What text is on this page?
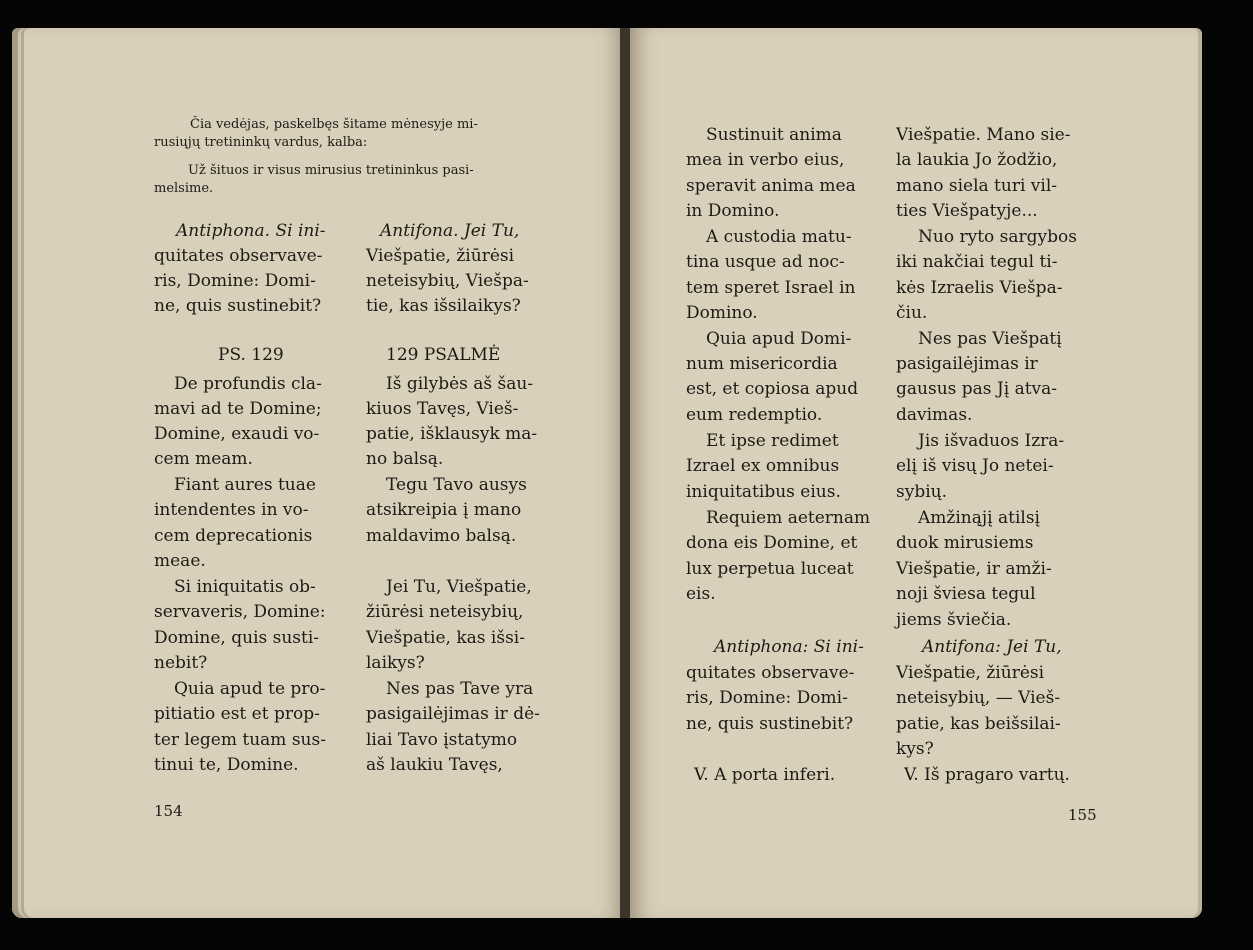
Čia vedėjas, paskelbęs šitame mėnesyje mi-
rusiųjų tretininkų vardus, kalba:
Už šituos ir visus mirusius tretininkus pasi-
melsime.
Antiphona. Si ini-
quitates observave-
ris, Domine: Domi-
ne, quis sustinebit?
PS. 129
De profundis cla-
mavi ad te Domine;
Domine, exaudi vo-
cem meam.
Fiant aures tuae
intendentes in vo-
cem deprecationis
meae.
Si iniquitatis ob-
servaveris, Domine:
Domine, quis susti-
nebit?
Quia apud te pro-
pitiatio est et prop-
ter legem tuam sus-
tinui te, Domine.
Antifona. Jei Tu,
Viešpatie, žiūrėsi
neteisybių, Viešpa-
tie, kas išsilaikys?
129 PSALMĖ
Iš gilybės aš šau-
kiuos Tavęs, Vieš-
patie, išklausyk ma-
no balsą.
Tegu Tavo ausys
atsikreipia į mano
maldavimo balsą.
Jei Tu, Viešpatie,
žiūrėsi neteisybių,
Viešpatie, kas išsi-
laikys?
Nes pas Tave yra
pasigailėjimas ir dė-
liai Tavo įstatymo
aš laukiu Tavęs,
154
Sustinuit anima
mea in verbo eius,
speravit anima mea
in Domino.
A custodia matu-
tina usque ad noc-
tem speret Israel in
Domino.
Quia apud Domi-
num misericordia
est, et copiosa apud
eum redemptio.
Et ipse redimet
Izrael ex omnibus
iniquitatibus eius.
Requiem aeternam
dona eis Domine, et
lux perpetua luceat
eis.
Antiphona: Si ini-
quitates observave-
ris, Domine: Domi-
ne, quis sustinebit?
V. A porta inferi.
Viešpatie. Mano sie-
la laukia Jo žodžio,
mano siela turi vil-
ties Viešpatyje...
Nuo ryto sargybos
iki nakčiai tegul ti-
kės Izraelis Viešpa-
čiu.
Nes pas Viešpatį
pasigailėjimas ir
gausus pas Jį atva-
davimas.
Jis išvaduos Izra-
elį iš visų Jo netei-
sybių.
Amžinąjį atilsį
duok mirusiems
Viešpatie, ir amži-
noji šviesa tegul
jiems šviečia.
Antifona: Jei Tu,
Viešpatie, žiūrėsi
neteisybių, — Vieš-
patie, kas beišsilai-
kys?
V. Iš pragaro vartų.
155
